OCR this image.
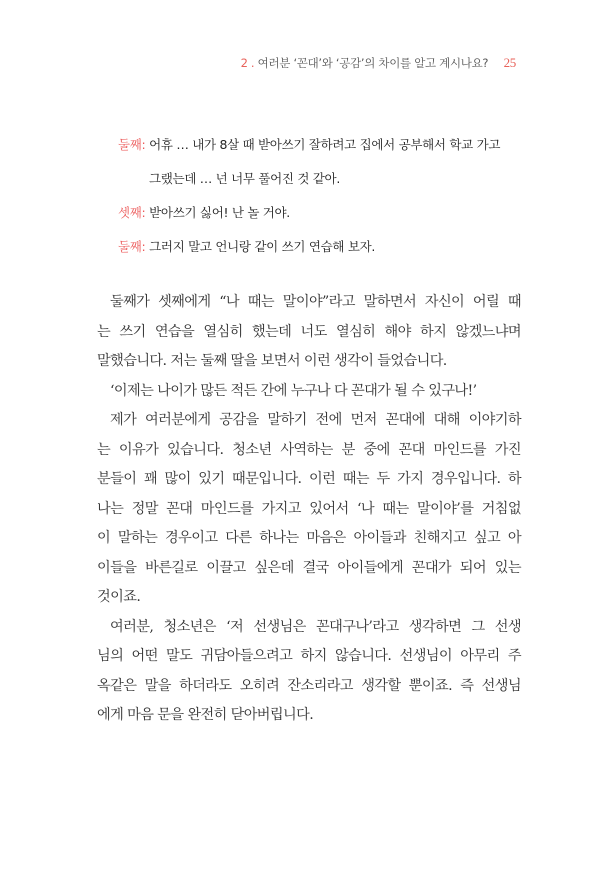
2 . 여러분 ‘꼰대’와 ‘공감’의 차이를 알고 계시나요? 25
둘째: 어휴 … 내가 8살 때 받아쓰기 잘하려고 집에서 공부해서 학교 가고
그랬는데 … 넌 너무 풀어진 것 같아.
셋째: 받아쓰기 싫어! 난 놀 거야.
둘째: 그러지 말고 언니랑 같이 쓰기 연습해 보자.
둘째가 셋째에게 “나 때는 말이야”라고 말하면서 자신이 어릴 때
는 쓰기 연습을 열심히 했는데 너도 열심히 해야 하지 않겠느냐며
말했습니다. 저는 둘째 딸을 보면서 이런 생각이 들었습니다.
‘이제는 나이가 많든 적든 간에 누구나 다 꼰대가 될 수 있구나!’
제가 여러분에게 공감을 말하기 전에 먼저 꼰대에 대해 이야기하
는 이유가 있습니다. 청소년 사역하는 분 중에 꼰대 마인드를 가진
분들이 꽤 많이 있기 때문입니다. 이런 때는 두 가지 경우입니다. 하
나는 정말 꼰대 마인드를 가지고 있어서 ‘나 때는 말이야’를 거침없
이 말하는 경우이고 다른 하나는 마음은 아이들과 친해지고 싶고 아
이들을 바른길로 이끌고 싶은데 결국 아이들에게 꼰대가 되어 있는
것이죠.
여러분, 청소년은 ‘저 선생님은 꼰대구나’라고 생각하면 그 선생
님의 어떤 말도 귀담아들으려고 하지 않습니다. 선생님이 아무리 주
옥같은 말을 하더라도 오히려 잔소리라고 생각할 뿐이죠. 즉 선생님
에게 마음 문을 완전히 닫아버립니다.
